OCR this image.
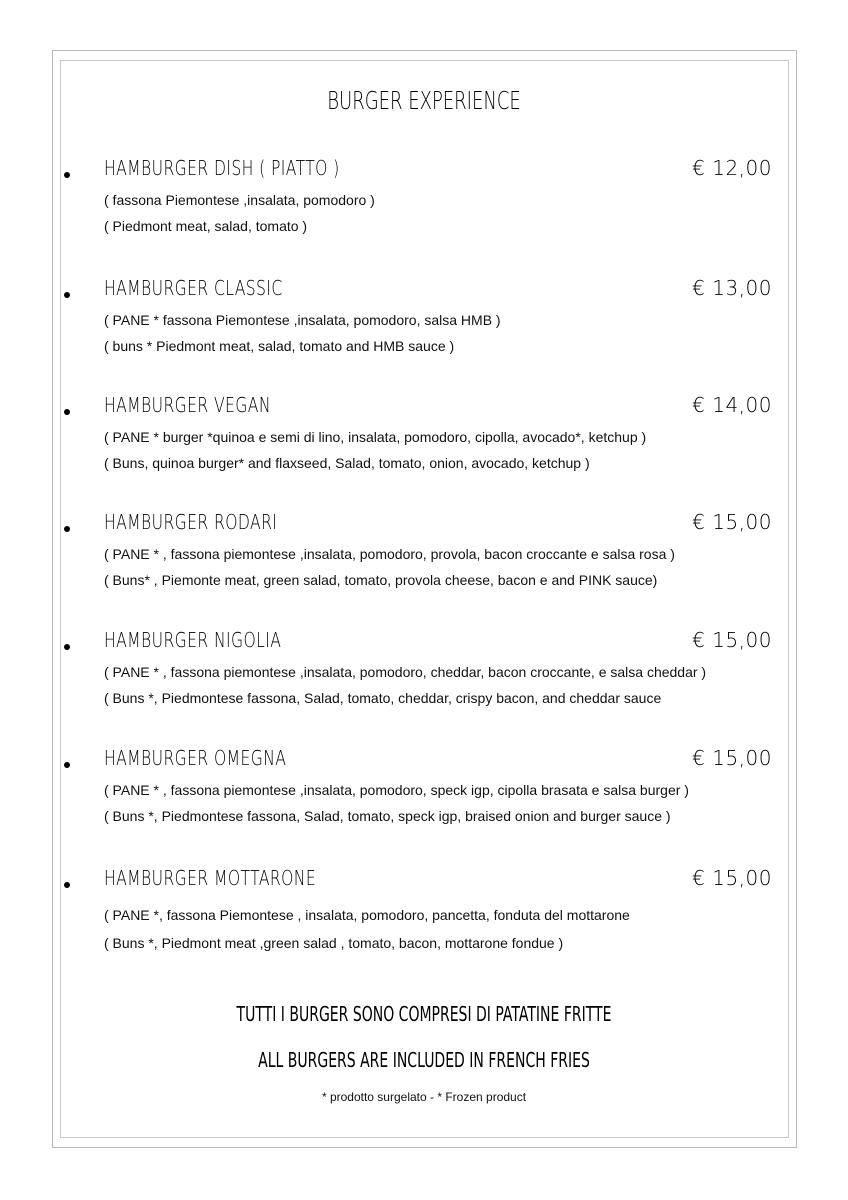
BURGER EXPERIENCE
HAMBURGER DISH ( PIATTO )	€ 12,00
( fassona Piemontese ,insalata, pomodoro )
( Piedmont meat, salad, tomato )
HAMBURGER CLASSIC	€ 13,00
( PANE * fassona Piemontese ,insalata, pomodoro, salsa HMB )
( buns * Piedmont meat, salad, tomato and HMB sauce )
HAMBURGER VEGAN	€ 14,00
( PANE * burger *quinoa e semi di lino, insalata, pomodoro, cipolla, avocado*, ketchup )
( Buns, quinoa burger* and flaxseed, Salad, tomato, onion, avocado, ketchup )
HAMBURGER RODARI	€ 15,00
( PANE * , fassona piemontese ,insalata, pomodoro, provola, bacon croccante e salsa rosa )
( Buns* , Piemonte meat, green salad, tomato, provola cheese, bacon e and PINK sauce)
HAMBURGER NIGOLIA	€ 15,00
( PANE * , fassona piemontese ,insalata, pomodoro, cheddar, bacon croccante, e salsa cheddar )
( Buns *, Piedmontese fassona, Salad, tomato, cheddar, crispy bacon, and cheddar sauce
HAMBURGER OMEGNA	€ 15,00
( PANE * , fassona piemontese ,insalata, pomodoro, speck igp, cipolla brasata e salsa burger )
( Buns *, Piedmontese fassona, Salad, tomato, speck igp, braised onion and burger sauce )
HAMBURGER MOTTARONE	€ 15,00
( PANE *, fassona Piemontese , insalata, pomodoro, pancetta, fonduta del mottarone
( Buns *, Piedmont meat ,green salad , tomato, bacon, mottarone fondue )
TUTTI I BURGER SONO COMPRESI DI PATATINE FRITTE
ALL BURGERS ARE INCLUDED IN FRENCH FRIES
* prodotto surgelato - * Frozen product
